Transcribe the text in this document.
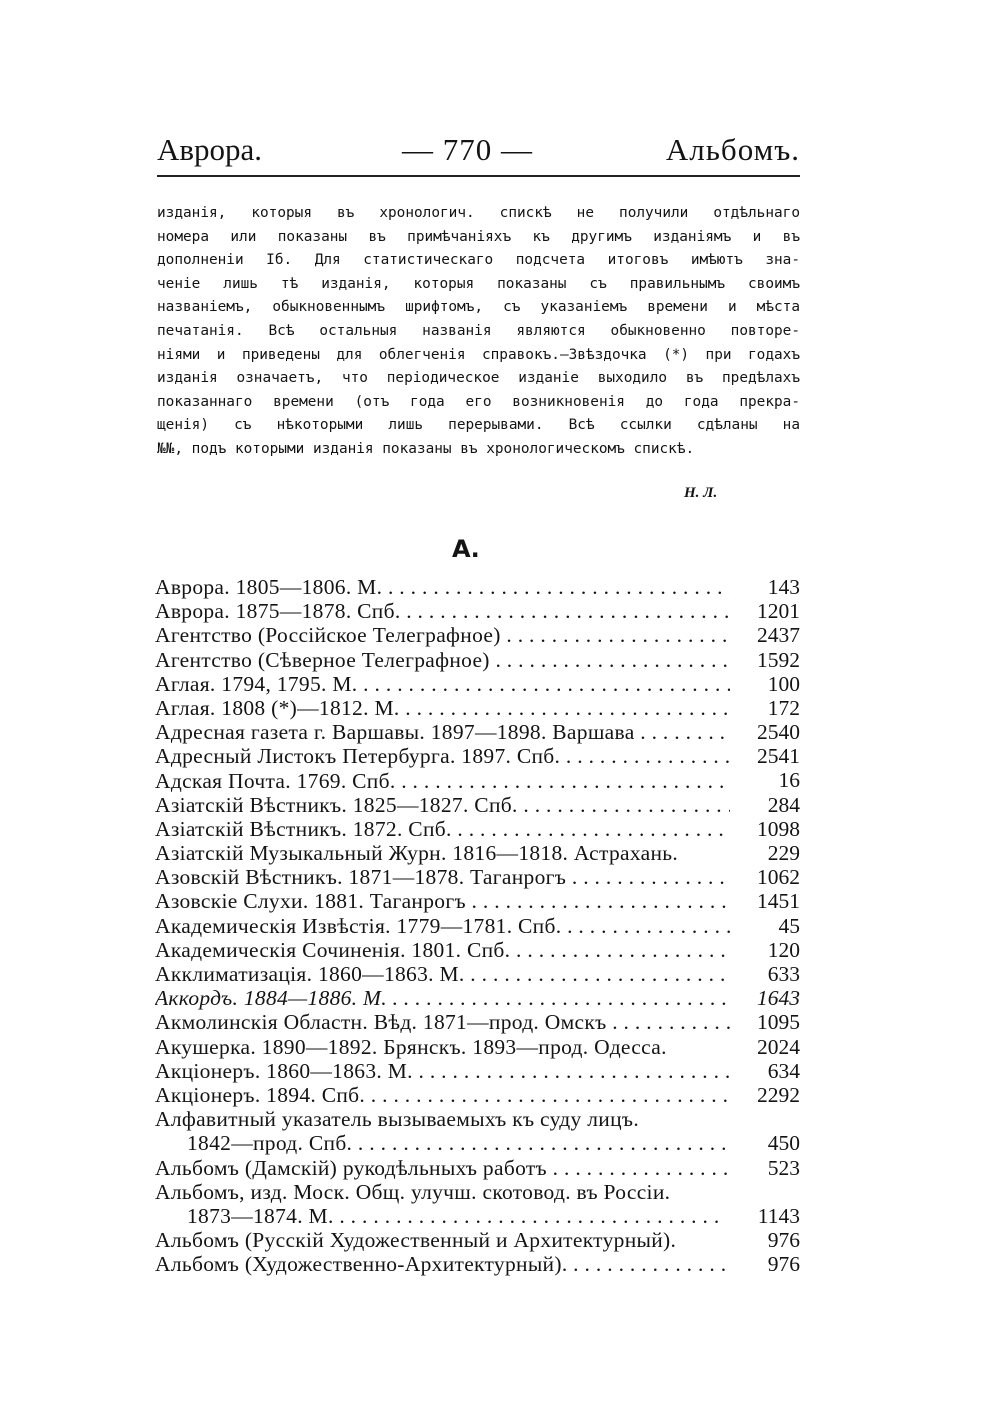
Аврора.	— 770 —	Альбомъ.
изданія, которыя въ хронологич. спискѣ не получили отдѣльнаго
номера или показаны въ примѣчаніяхъ къ другимъ изданіямъ и въ
дополненіи Іб. Для статистическаго подсчета итоговъ имѣютъ зна-
ченіе лишь тѣ изданія, которыя показаны съ правильнымъ своимъ
названіемъ, обыкновеннымъ шрифтомъ, съ указаніемъ времени и мѣста
печатанія. Всѣ остальныя названія являются обыкновенно повторе-
ніями и приведены для облегченія справокъ.—Звѣздочка (*) при годахъ
изданія означаетъ, что періодическое изданіе выходило въ предѣлахъ
показаннаго времени (отъ года его возникновенія до года прекра-
щенія) съ нѣкоторыми лишь перерывами. Всѣ ссылки сдѣланы на
№№, подъ которыми изданія показаны въ хронологическомъ спискѣ.
Н. Л.
А.
Аврора. 1805—1806. М. . . .	143
Аврора. 1875—1878. Спб. . . .	1201
Агентство (Россійское Телеграфное) . . .	2437
Агентство (Сѣверное Телеграфное) . . .	1592
Аглая. 1794, 1795. М. . . .	100
Аглая. 1808 (*)—1812. М. . . .	172
Адресная газета г. Варшавы. 1897—1898. Варшава . . .	2540
Адресный Листокъ Петербурга. 1897. Спб. . . .	2541
Адская Почта. 1769. Спб. . . .	16
Азіатскій Вѣстникъ. 1825—1827. Спб. . . .	284
Азіатскій Вѣстникъ. 1872. Спб. . . .	1098
Азіатскій Музыкальный Журн. 1816—1818. Астрахань.	229
Азовскій Вѣстникъ. 1871—1878. Таганрогъ . . .	1062
Азовскіе Слухи. 1881. Таганрогъ . . .	1451
Академическія Извѣстія. 1779—1781. Спб. . . .	45
Академическія Сочиненія. 1801. Спб. . . .	120
Акклиматизація. 1860—1863. М. . . .	633
Аккордъ. 1884—1886. М. . . .	1643
Акмолинскія Областн. Вѣд. 1871—прод. Омскъ . . .	1095
Акушерка. 1890—1892. Брянскъ. 1893—прод. Одесса.	2024
Акціонеръ. 1860—1863. М. . . .	634
Акціонеръ. 1894. Спб. . . .	2292
Алфавитный указатель вызываемыхъ къ суду лицъ.
1842—прод. Спб. . . .	450
Альбомъ (Дамскій) рукодѣльныхъ работъ . . .	523
Альбомъ, изд. Моск. Общ. улучш. скотовод. въ Россіи.
1873—1874. М. . . .	1143
Альбомъ (Русскій Художественный и Архитектурный).	976
Альбомъ (Художественно-Архитектурный). . . .	976
